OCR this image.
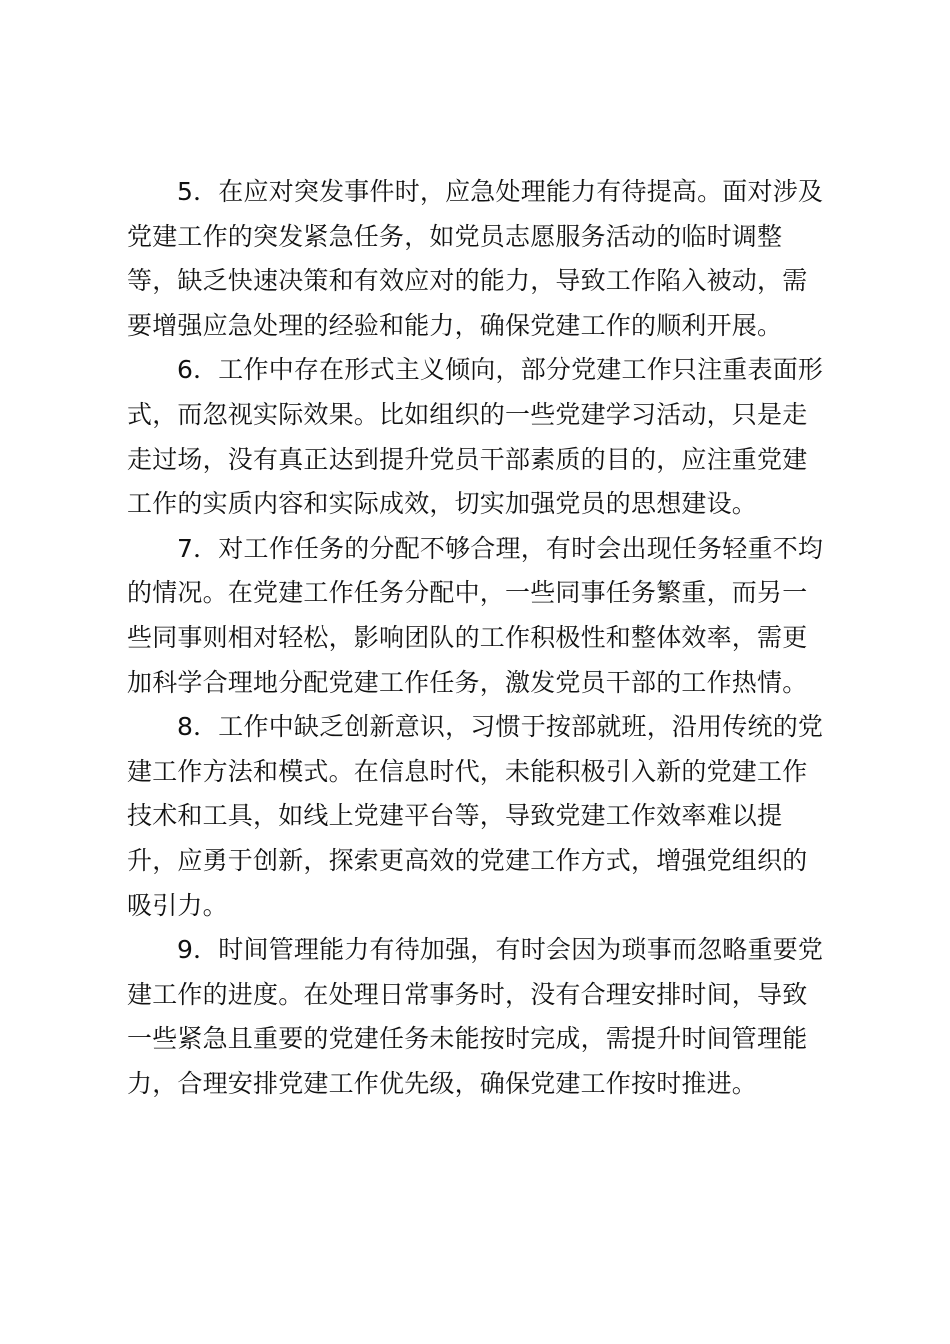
5．在应对突发事件时，应急处理能力有待提高。面对涉及
党建工作的突发紧急任务，如党员志愿服务活动的临时调整
等，缺乏快速决策和有效应对的能力，导致工作陷入被动，需
要增强应急处理的经验和能力，确保党建工作的顺利开展。

6．工作中存在形式主义倾向，部分党建工作只注重表面形
式，而忽视实际效果。比如组织的一些党建学习活动，只是走
走过场，没有真正达到提升党员干部素质的目的，应注重党建
工作的实质内容和实际成效，切实加强党员的思想建设。

7．对工作任务的分配不够合理，有时会出现任务轻重不均
的情况。在党建工作任务分配中，一些同事任务繁重，而另一
些同事则相对轻松，影响团队的工作积极性和整体效率，需更
加科学合理地分配党建工作任务，激发党员干部的工作热情。

8．工作中缺乏创新意识，习惯于按部就班，沿用传统的党
建工作方法和模式。在信息时代，未能积极引入新的党建工作
技术和工具，如线上党建平台等，导致党建工作效率难以提
升，应勇于创新，探索更高效的党建工作方式，增强党组织的
吸引力。

9．时间管理能力有待加强，有时会因为琐事而忽略重要党
建工作的进度。在处理日常事务时，没有合理安排时间，导致
一些紧急且重要的党建任务未能按时完成，需提升时间管理能
力，合理安排党建工作优先级，确保党建工作按时推进。
